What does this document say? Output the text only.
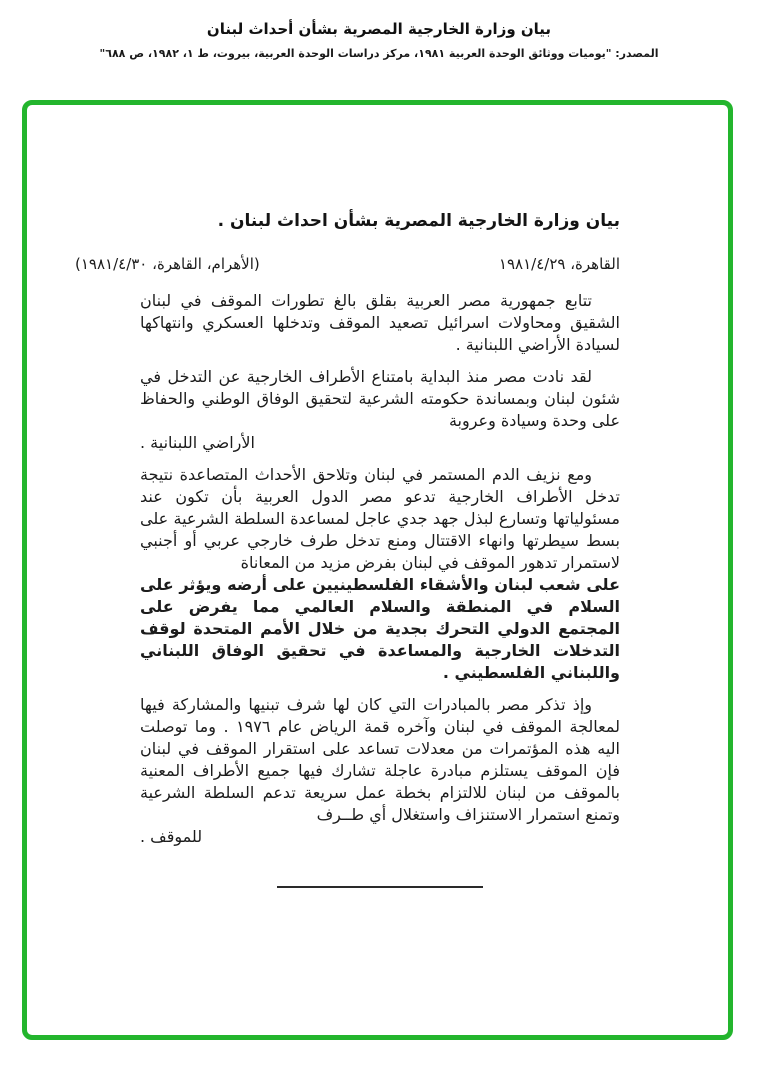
بيان وزارة الخارجية المصرية بشأن أحداث لبنان
المصدر: "يوميات ووثائق الوحدة العربية ١٩٨١، مركز دراسات الوحدة العربية، بيروت، ط ١، ١٩٨٢، ص ٦٨٨"
بيان وزارة الخارجية المصرية بشأن احداث لبنان .
القاهرة، ١٩٨١/٤/٢٩
(الأهرام، القاهرة، ١٩٨١/٤/٣٠)

تتابع جمهورية مصر العربية بقلق بالغ تطورات الموقف في لبنان الشقيق ومحاولات اسرائيل تصعيد الموقف وتدخلها العسكري وانتهاكها لسيادة الأراضي اللبنانية .

لقد نادت مصر منذ البداية بامتناع الأطراف الخارجية عن التدخل في شئون لبنان وبمساندة حكومته الشرعية لتحقيق الوفاق الوطني والحفاظ على وحدة وسيادة وعروبة
الأراضي اللبنانية .

ومع نزيف الدم المستمر في لبنان وتلاحق الأحداث المتصاعدة نتيجة تدخل الأطراف الخارجية تدعو مصر الدول العربية بأن تكون عند مسئولياتها وتسارع لبذل جهد جدي عاجل لمساعدة السلطة الشرعية على بسط سيطرتها وانهاء الاقتتال ومنع تدخل طرف خارجي عربي أو أجنبي لاستمرار تدهور الموقف في لبنان بفرض مزيد من المعاناة
على شعب لبنان والأشقاء الفلسطينيين على أرضه ويؤثر على السلام في المنطقة والسلام العالمي مما يفرض على المجتمع الدولي التحرك بجدية من خلال الأمم المتحدة لوقف التدخلات الخارجية والمساعدة في تحقيق الوفاق اللبناني واللبناني الفلسطيني .

وإذ تذكر مصر بالمبادرات التي كان لها شرف تبنيها والمشاركة فيها لمعالجة الموقف في لبنان وآخره قمة الرياض عام ١٩٧٦ . وما توصلت اليه هذه المؤتمرات من معدلات تساعد على استقرار الموقف في لبنان فإن الموقف يستلزم مبادرة عاجلة تشارك فيها جميع الأطراف المعنية بالموقف من لبنان للالتزام بخطة عمل سريعة تدعم السلطة الشرعية وتمنع استمرار الاستنزاف واستغلال أي طــرف
للموقف .
